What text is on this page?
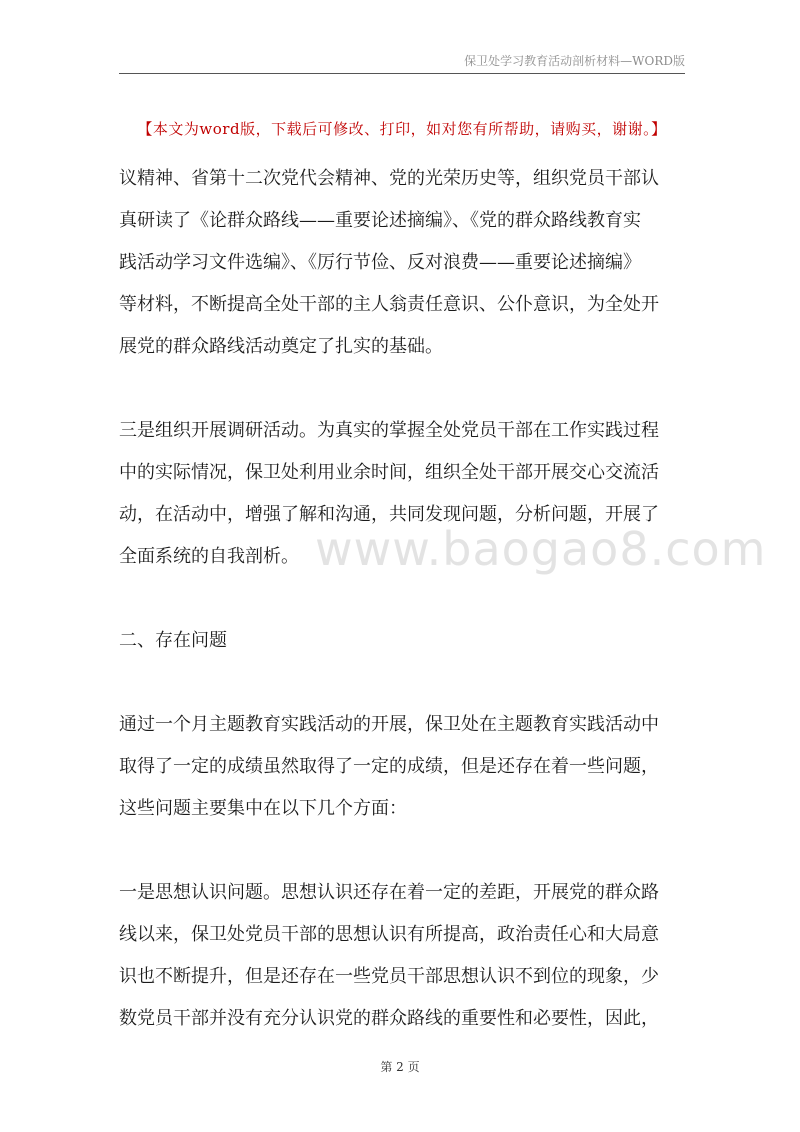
保卫处学习教育活动剖析材料—WORD版
【本文为word版，下载后可修改、打印，如对您有所帮助，请购买，谢谢。】
www.baogao8.com
议精神、省第十二次党代会精神、党的光荣历史等，组织党员干部认
真研读了《论群众路线——重要论述摘编》、《党的群众路线教育实
践活动学习文件选编》、《厉行节俭、反对浪费——重要论述摘编》
等材料，不断提高全处干部的主人翁责任意识、公仆意识，为全处开
展党的群众路线活动奠定了扎实的基础。
三是组织开展调研活动。为真实的掌握全处党员干部在工作实践过程
中的实际情况，保卫处利用业余时间，组织全处干部开展交心交流活
动，在活动中，增强了解和沟通，共同发现问题，分析问题，开展了
全面系统的自我剖析。
二、存在问题
通过一个月主题教育实践活动的开展，保卫处在主题教育实践活动中
取得了一定的成绩虽然取得了一定的成绩，但是还存在着一些问题，
这些问题主要集中在以下几个方面：
一是思想认识问题。思想认识还存在着一定的差距，开展党的群众路
线以来，保卫处党员干部的思想认识有所提高，政治责任心和大局意
识也不断提升，但是还存在一些党员干部思想认识不到位的现象，少
数党员干部并没有充分认识党的群众路线的重要性和必要性，因此，
第 2 页
